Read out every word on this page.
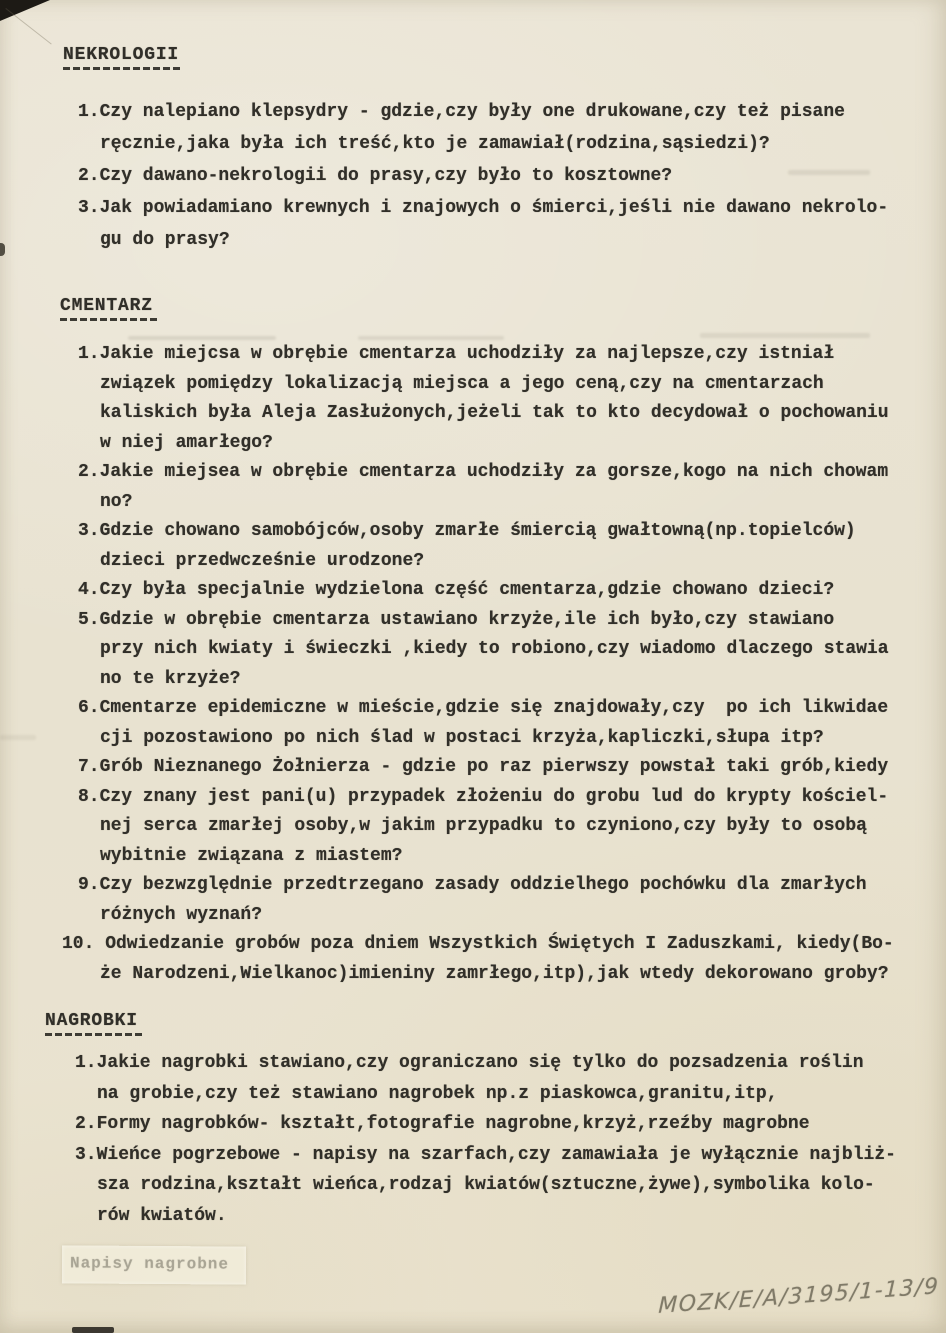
NEKROLOGII
1.Czy nalepiano klepsydry - gdzie,czy były one drukowane,czy też pisane
ręcznie,jaka była ich treść,kto je zamawiał(rodzina,sąsiedzi)?
2.Czy dawano-nekrologii do prasy,czy było to kosztowne?
3.Jak powiadamiano krewnych i znajowych o śmierci,jeśli nie dawano nekrolo-
gu do prasy?
CMENTARZ
1.Jakie miejcsa w obrębie cmentarza uchodziły za najlepsze,czy istniał
związek pomiędzy lokalizacją miejsca a jego ceną,czy na cmentarzach
kaliskich była Aleja Zasłużonych,jeżeli tak to kto decydował o pochowaniu
w niej amarłego?
2.Jakie miejsea w obrębie cmentarza uchodziły za gorsze,kogo na nich chowam
no?
3.Gdzie chowano samobójców,osoby zmarłe śmiercią gwałtowną(np.topielców)
dzieci przedwcześnie urodzone?
4.Czy była specjalnie wydzielona część cmentarza,gdzie chowano dzieci?
5.Gdzie w obrębie cmentarza ustawiano krzyże,ile ich było,czy stawiano
przy nich kwiaty i świeczki ,kiedy to robiono,czy wiadomo dlaczego stawia
no te krzyże?
6.Cmentarze epidemiczne w mieście,gdzie się znajdowały,czy  po ich likwidae
cji pozostawiono po nich ślad w postaci krzyża,kapliczki,słupa itp?
7.Grób Nieznanego Żołnierza - gdzie po raz pierwszy powstał taki grób,kiedy
8.Czy znany jest pani(u) przypadek złożeniu do grobu lud do krypty kościel-
nej serca zmarłej osoby,w jakim przypadku to czyniono,czy były to osobą
wybitnie związana z miastem?
9.Czy bezwzględnie przedtrzegano zasady oddzielhego pochówku dla zmarłych
różnych wyznań?
10. Odwiedzanie grobów poza dniem Wszystkich Świętych I Zaduszkami, kiedy(Bo-
że Narodzeni,Wielkanoc)imieniny zamrłego,itp),jak wtedy dekorowano groby?
NAGROBKI
1.Jakie nagrobki stawiano,czy ograniczano się tylko do pozsadzenia roślin
na grobie,czy też stawiano nagrobek np.z piaskowca,granitu,itp,
2.Formy nagrobków- kształt,fotografie nagrobne,krzyż,rzeźby magrobne
3.Wieńce pogrzebowe - napisy na szarfach,czy zamawiała je wyłącznie najbliż-
sza rodzina,kształt wieńca,rodzaj kwiatów(sztuczne,żywe),symbolika kolo-
rów kwiatów.
Napisy nagrobne
MOZK/E/A/3195/1-13/9
